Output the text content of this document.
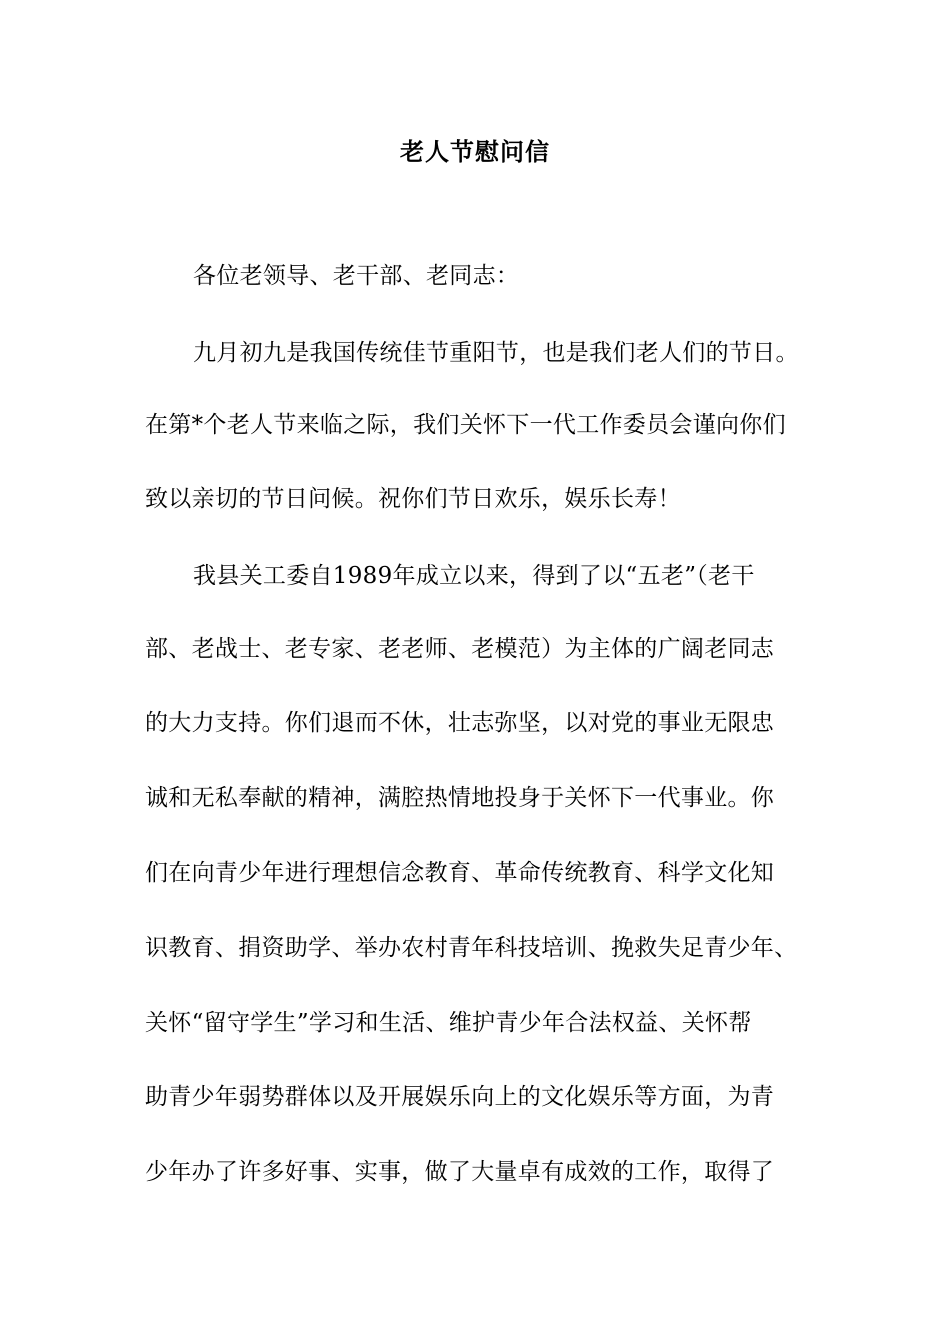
老人节慰问信
各位老领导、老干部、老同志：
九月初九是我国传统佳节重阳节，也是我们老人们的节日。
在第*个老人节来临之际，我们关怀下一代工作委员会谨向你们
致以亲切的节日问候。祝你们节日欢乐，娱乐长寿！
我县关工委自1989年成立以来，得到了以“五老”（老干
部、老战士、老专家、老老师、老模范）为主体的广阔老同志
的大力支持。你们退而不休，壮志弥坚，以对党的事业无限忠
诚和无私奉献的精神，满腔热情地投身于关怀下一代事业。你
们在向青少年进行理想信念教育、革命传统教育、科学文化知
识教育、捐资助学、举办农村青年科技培训、挽救失足青少年、
关怀“留守学生”学习和生活、维护青少年合法权益、关怀帮
助青少年弱势群体以及开展娱乐向上的文化娱乐等方面，为青
少年办了许多好事、实事，做了大量卓有成效的工作，取得了
